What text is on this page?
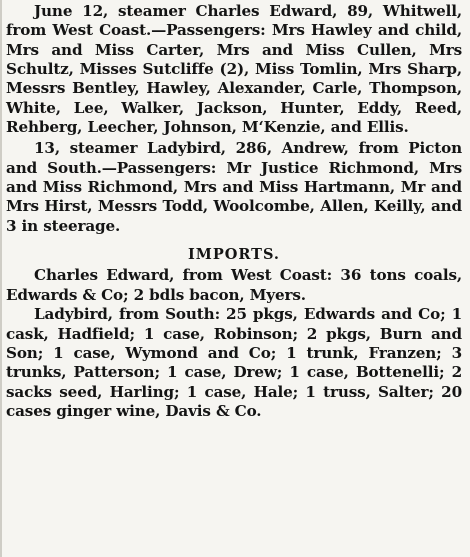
June 12, steamer Charles Edward, 89, Whitwell, from West Coast.—Passengers: Mrs Hawley and child, Mrs and Miss Carter, Mrs and Miss Cullen, Mrs Schultz, Misses Sutcliffe (2), Miss Tomlin, Mrs Sharp, Messrs Bentley, Hawley, Alexander, Carle, Thompson, White, Lee, Walker, Jackson, Hunter, Eddy, Reed, Rehberg, Leecher, Johnson, M‘Kenzie, and Ellis.

13, steamer Ladybird, 286, Andrew, from Picton and South.—Passengers: Mr Justice Richmond, Mrs and Miss Richmond, Mrs and Miss Hartmann, Mr and Mrs Hirst, Messrs Todd, Woolcombe, Allen, Keilly, and 3 in steerage.

IMPORTS.

Charles Edward, from West Coast: 36 tons coals, Edwards & Co; 2 bdls bacon, Myers.

Ladybird, from South: 25 pkgs, Edwards and Co; 1 cask, Hadfield; 1 case, Robinson; 2 pkgs, Burn and Son; 1 case, Wymond and Co; 1 trunk, Franzen; 3 trunks, Patterson; 1 case, Drew; 1 case, Bottenelli; 2 sacks seed, Harling; 1 case, Hale; 1 truss, Salter; 20 cases ginger wine, Davis & Co.
